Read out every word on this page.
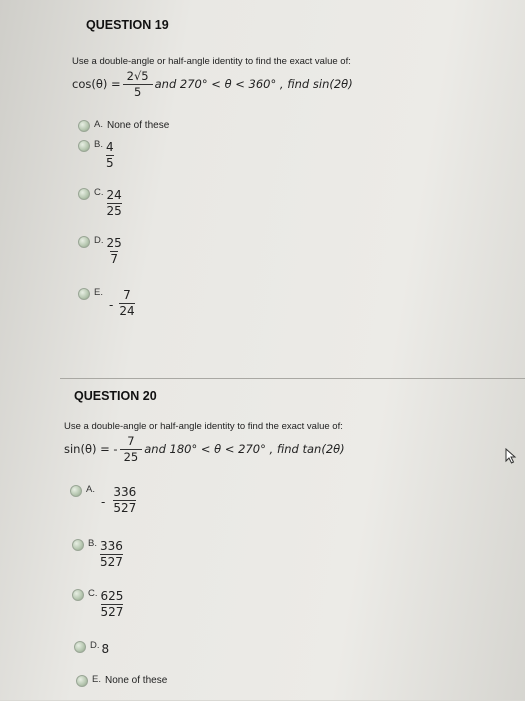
QUESTION 19
Use a double-angle or half-angle identity to find the exact value of:
$\cos(\theta) = \frac{2√5}{5}$ and 270° < θ < 360° , find sin(2θ)
A. None of these
B. $\frac{4}{5}$
C. $\frac{24}{25}$
D. $\frac{25}{7}$
E.
- $\frac{7}{24}$
QUESTION 20
Use a double-angle or half-angle identity to find the exact value of:
sin(θ) = - $\frac{7}{25}$ and 180° < θ < 270° , find tan(2θ)
A.
- $\frac{336}{527}$
B. $\frac{336}{527}$
C. $\frac{625}{527}$
D. 8
E. None of these
